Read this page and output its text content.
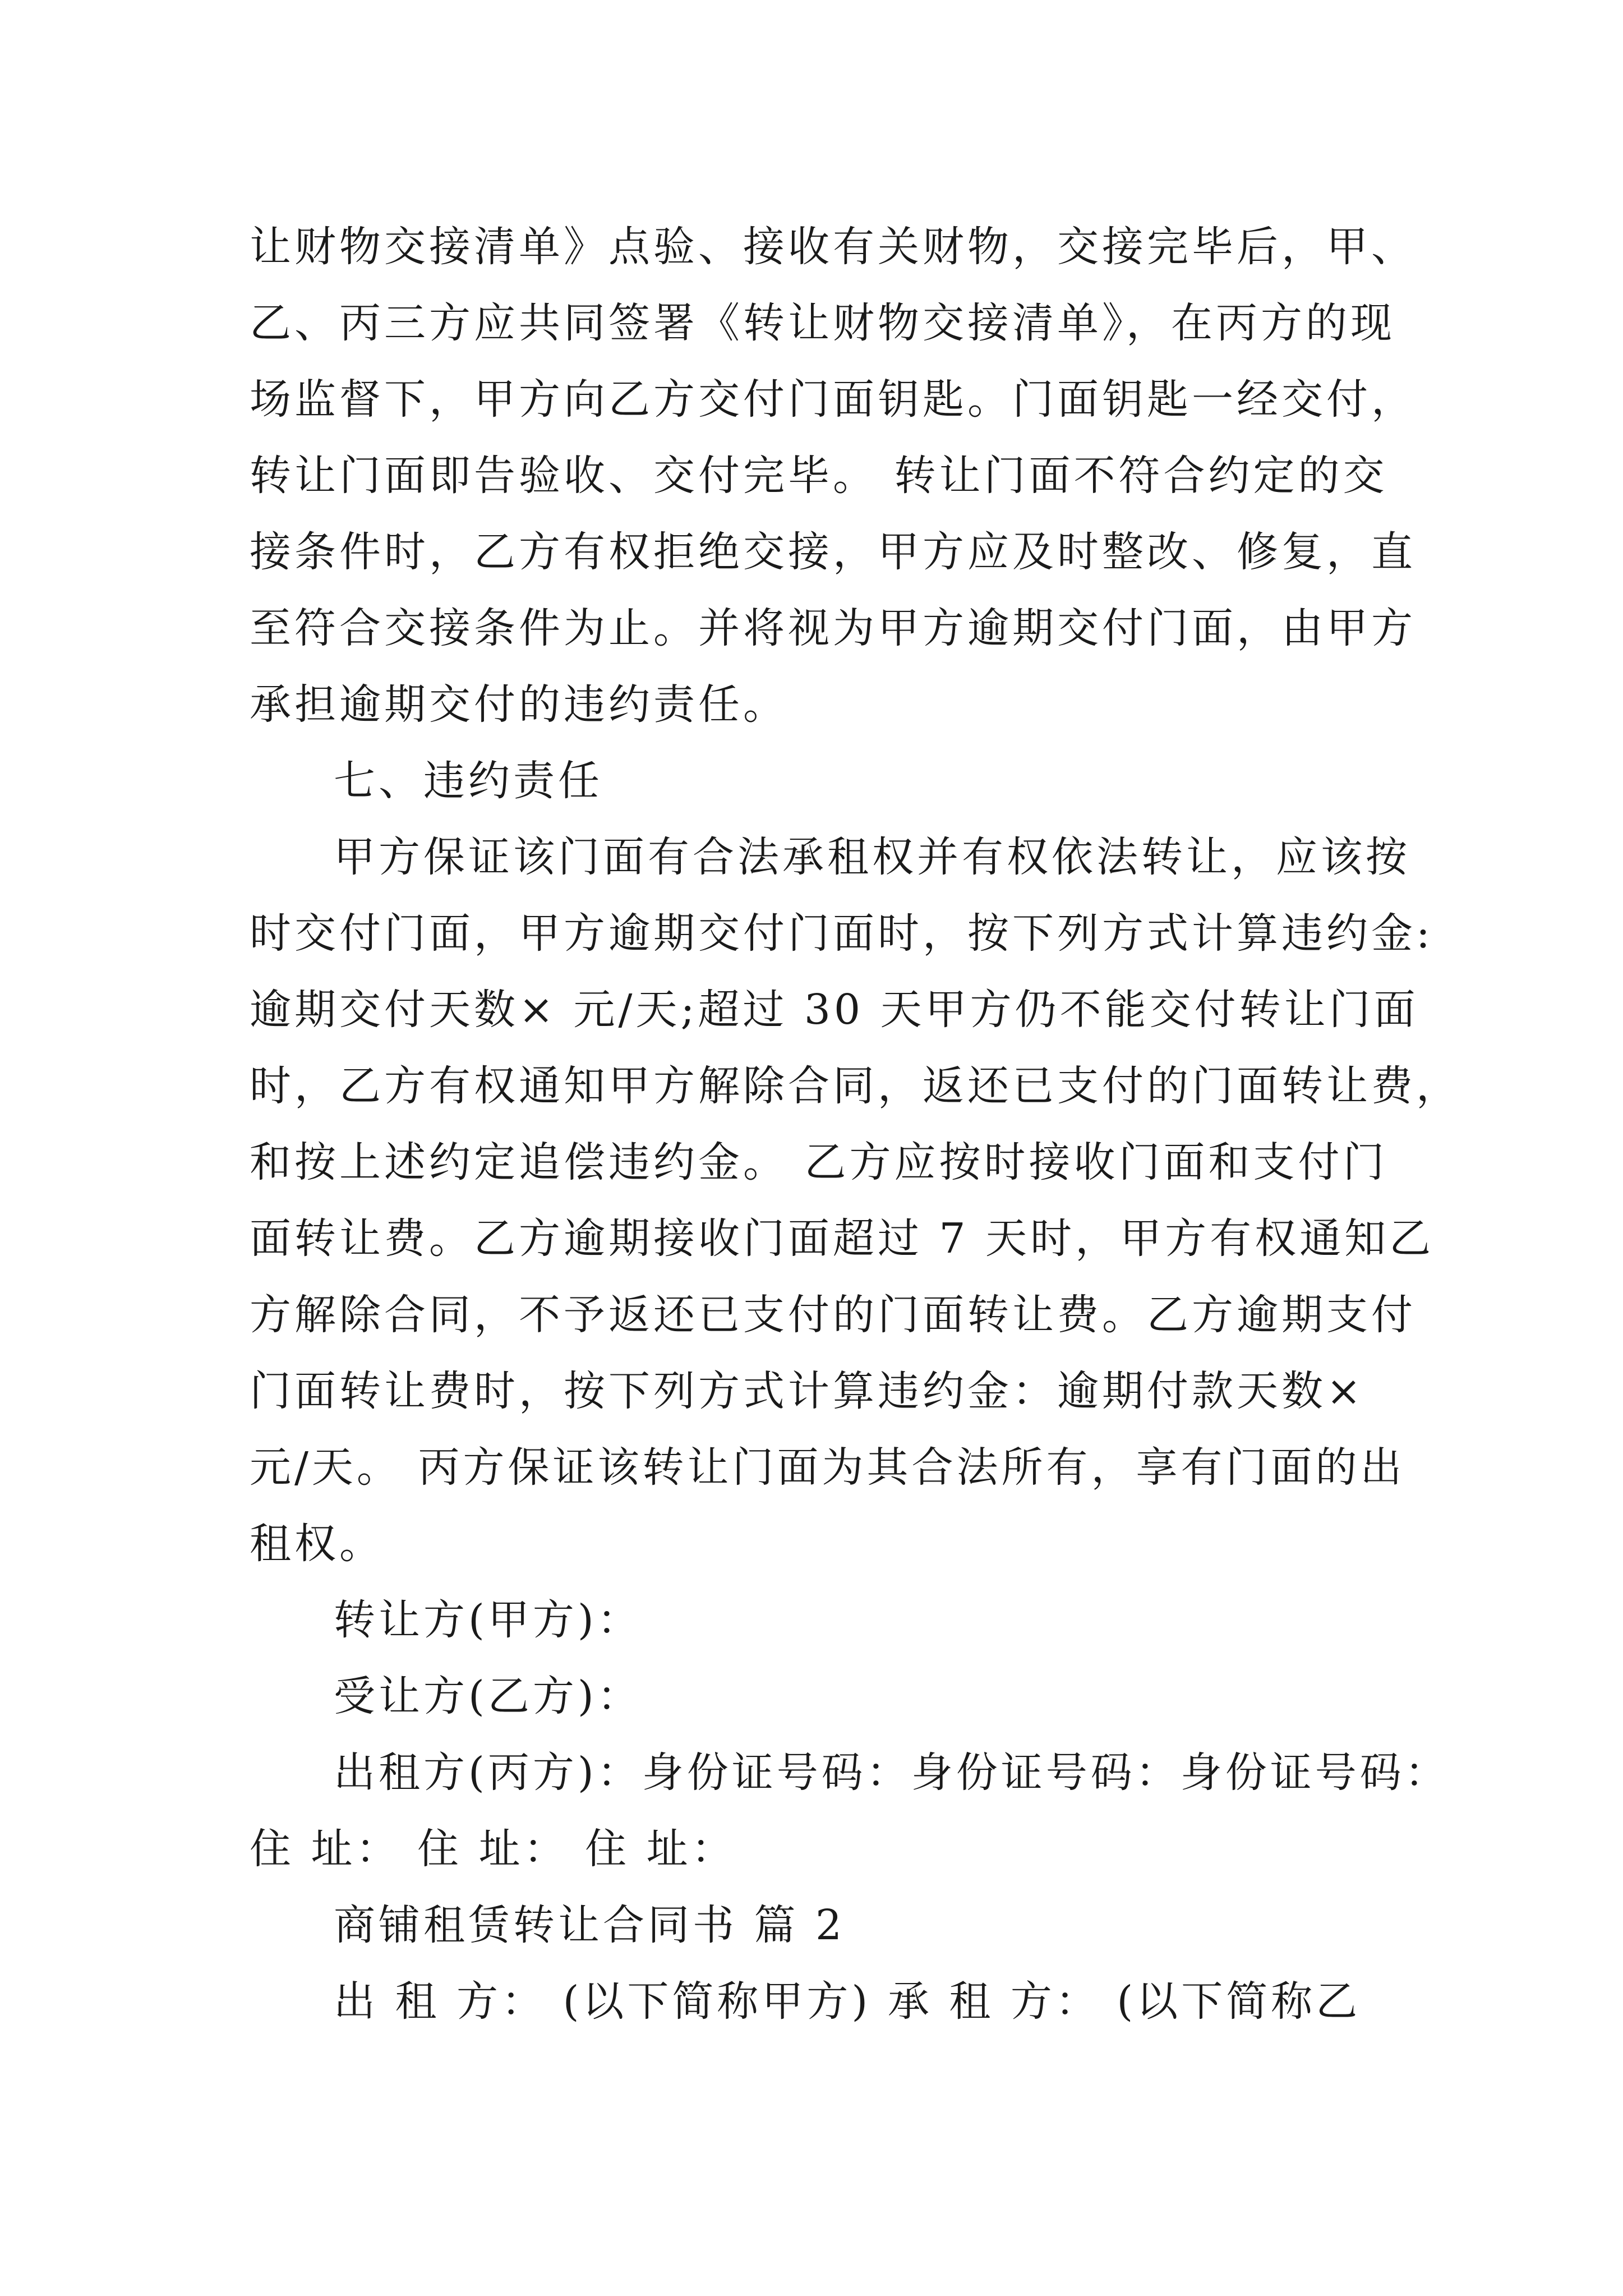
让财物交接清单》点验、接收有关财物，交接完毕后，甲、
乙、丙三方应共同签署《转让财物交接清单》，在丙方的现
场监督下，甲方向乙方交付门面钥匙。门面钥匙一经交付，
转让门面即告验收、交付完毕。 转让门面不符合约定的交
接条件时，乙方有权拒绝交接，甲方应及时整改、修复，直
至符合交接条件为止。并将视为甲方逾期交付门面，由甲方
承担逾期交付的违约责任。
七、违约责任
甲方保证该门面有合法承租权并有权依法转让，应该按
时交付门面，甲方逾期交付门面时，按下列方式计算违约金:
逾期交付天数× 元/天;超过 30 天甲方仍不能交付转让门面
时，乙方有权通知甲方解除合同，返还已支付的门面转让费，
和按上述约定追偿违约金。 乙方应按时接收门面和支付门
面转让费。乙方逾期接收门面超过 7 天时，甲方有权通知乙
方解除合同，不予返还已支付的门面转让费。乙方逾期支付
门面转让费时，按下列方式计算违约金：逾期付款天数×
元/天。 丙方保证该转让门面为其合法所有，享有门面的出
租权。
转让方(甲方)：
受让方(乙方)：
出租方(丙方)：身份证号码：身份证号码：身份证号码：
住 址： 住 址： 住 址：
商铺租赁转让合同书 篇 2
出 租 方： (以下简称甲方) 承 租 方： (以下简称乙
